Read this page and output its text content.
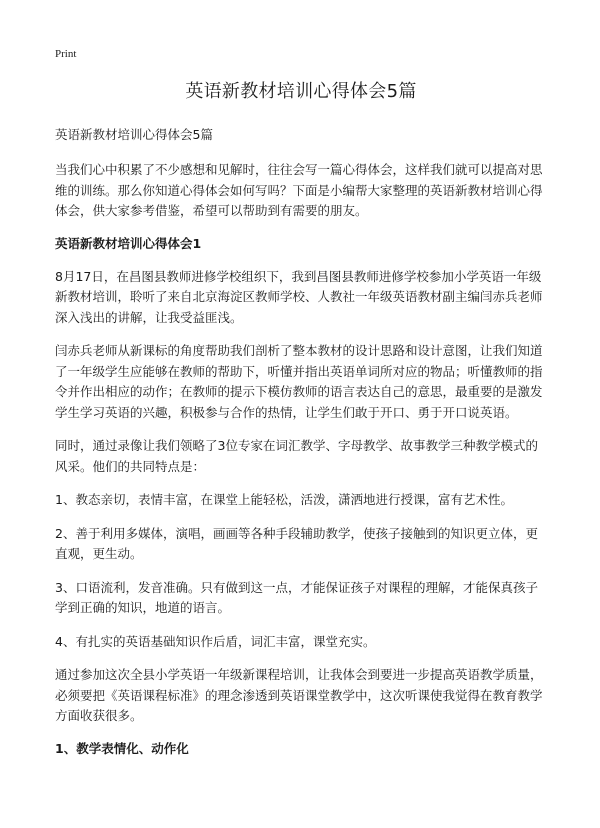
Print
英语新教材培训心得体会5篇
英语新教材培训心得体会5篇

当我们心中积累了不少感想和见解时，往往会写一篇心得体会，这样我们就可以提高对思维的训练。那么你知道心得体会如何写吗？下面是小编帮大家整理的英语新教材培训心得体会，供大家参考借鉴，希望可以帮助到有需要的朋友。

英语新教材培训心得体会1

8月17日，在昌图县教师进修学校组织下，我到昌图县教师进修学校参加小学英语一年级新教材培训，聆听了来自北京海淀区教师学校、人教社一年级英语教材副主编闫赤兵老师深入浅出的讲解，让我受益匪浅。

闫赤兵老师从新课标的角度帮助我们剖析了整本教材的设计思路和设计意图，让我们知道了一年级学生应能够在教师的帮助下，听懂并指出英语单词所对应的物品；听懂教师的指令并作出相应的动作；在教师的提示下模仿教师的语言表达自己的意思，最重要的是激发学生学习英语的兴趣，积极参与合作的热情，让学生们敢于开口、勇于开口说英语。

同时，通过录像让我们领略了3位专家在词汇教学、字母教学、故事教学三种教学模式的风采。他们的共同特点是：

1、教态亲切，表情丰富，在课堂上能轻松，活泼，潇洒地进行授课，富有艺术性。

2、善于利用多媒体，演唱，画画等各种手段辅助教学，使孩子接触到的知识更立体，更直观，更生动。

3、口语流利，发音准确。只有做到这一点，才能保证孩子对课程的理解，才能保真孩子学到正确的知识，地道的语言。

4、有扎实的英语基础知识作后盾，词汇丰富，课堂充实。

通过参加这次全县小学英语一年级新课程培训，让我体会到要进一步提高英语教学质量，必须要把《英语课程标准》的理念渗透到英语课堂教学中，这次听课使我觉得在教育教学方面收获很多。

1、教学表情化、动作化
